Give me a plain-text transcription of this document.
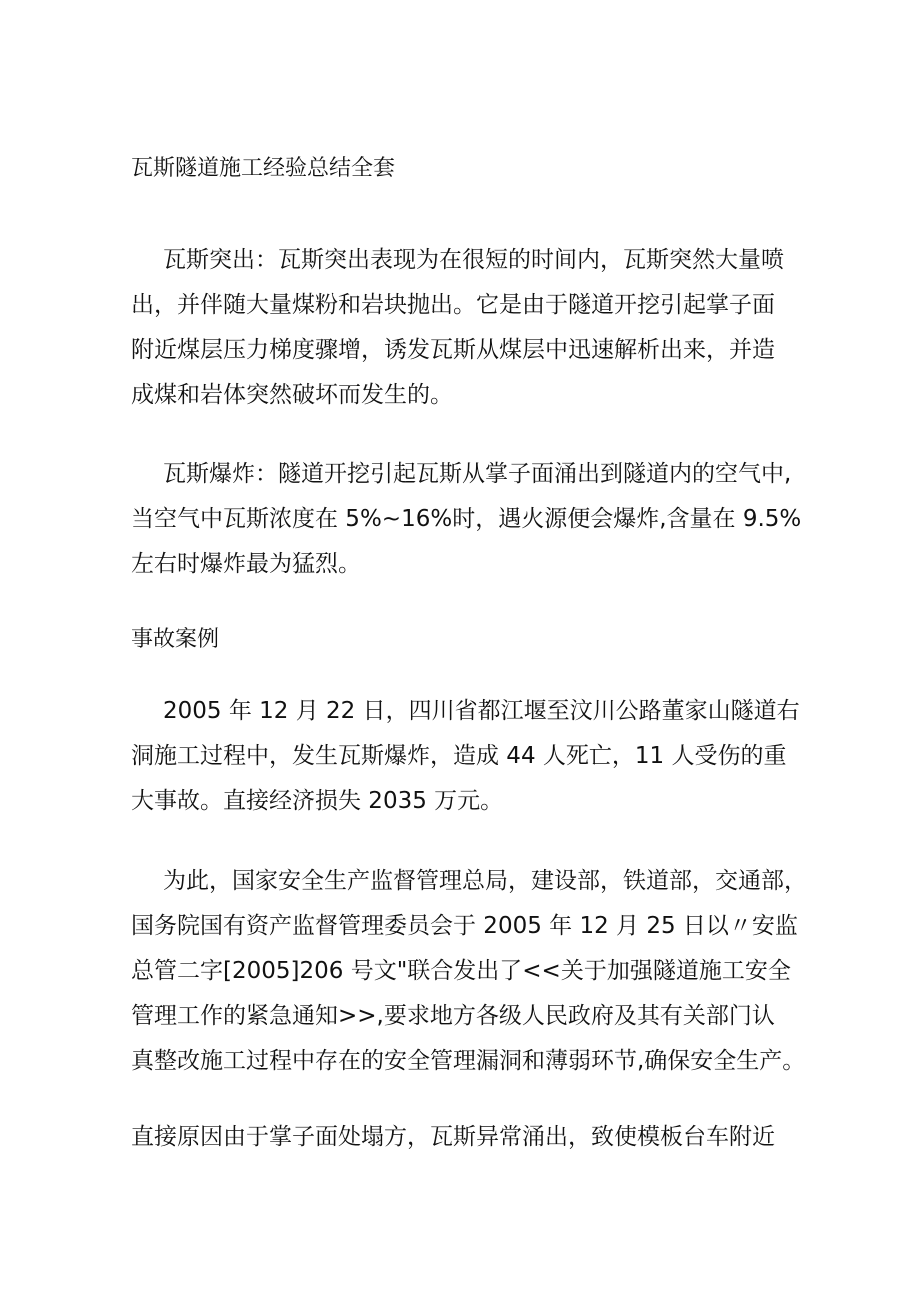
瓦斯隧道施工经验总结全套

瓦斯突出：瓦斯突出表现为在很短的时间内，瓦斯突然大量喷
出，并伴随大量煤粉和岩块抛出。它是由于隧道开挖引起掌子面
附近煤层压力梯度骤增，诱发瓦斯从煤层中迅速解析出来，并造
成煤和岩体突然破坏而发生的。

瓦斯爆炸：隧道开挖引起瓦斯从掌子面涌出到隧道内的空气中,
当空气中瓦斯浓度在 5%~16%时，遇火源便会爆炸,含量在 9.5%
左右时爆炸最为猛烈。

事故案例

2005 年 12 月 22 日，四川省都江堰至汶川公路董家山隧道右
洞施工过程中，发生瓦斯爆炸，造成 44 人死亡，11 人受伤的重
大事故。直接经济损失 2035 万元。

为此，国家安全生产监督管理总局，建设部，铁道部，交通部，
国务院国有资产监督管理委员会于 2005 年 12 月 25 日以〃安监
总管二字[2005]206 号文"联合发出了<<关于加强隧道施工安全
管理工作的紧急通知>>,要求地方各级人民政府及其有关部门认
真整改施工过程中存在的安全管理漏洞和薄弱环节,确保安全生产。

直接原因由于掌子面处塌方，瓦斯异常涌出，致使模板台车附近
